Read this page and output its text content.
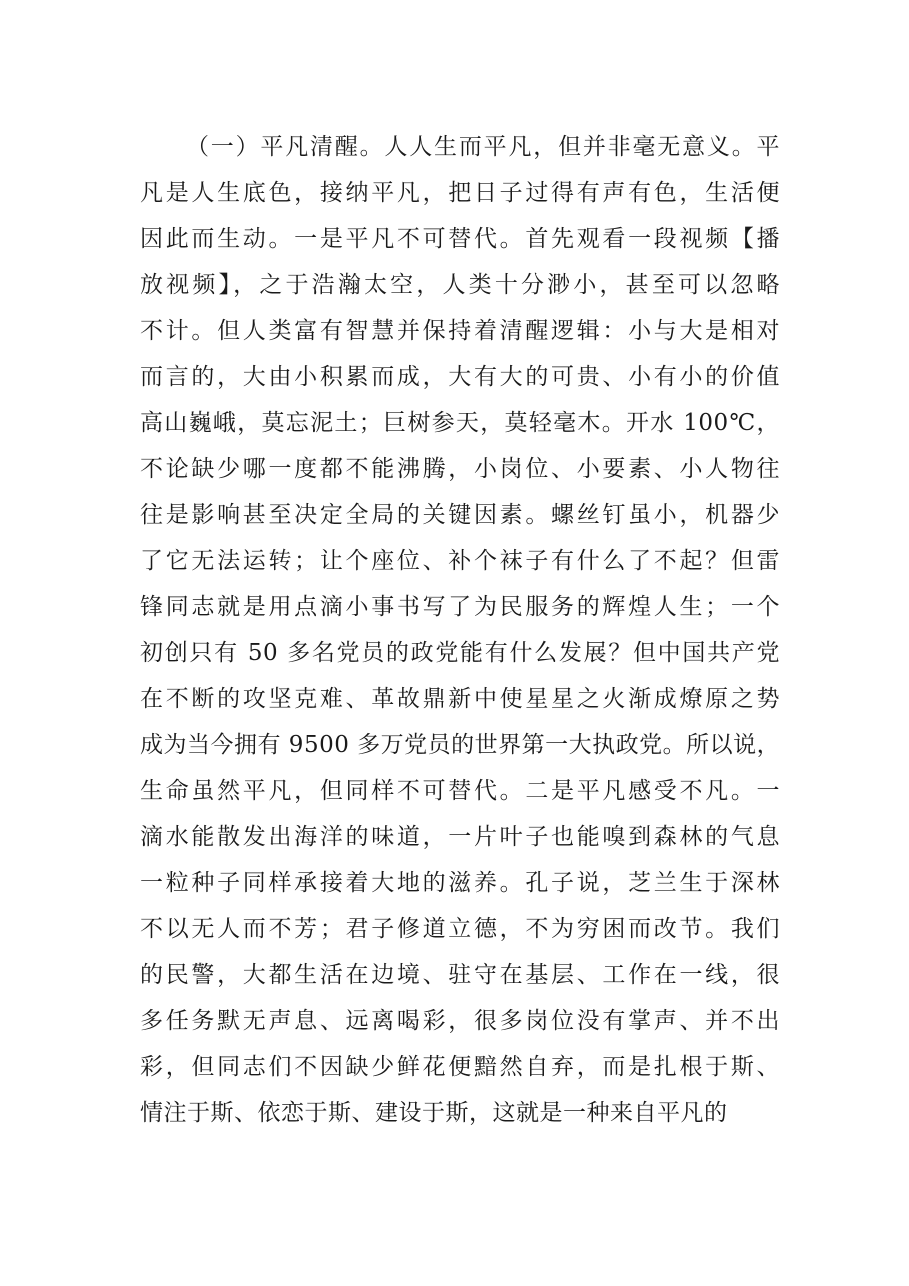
（一）平凡清醒。人人生而平凡，但并非毫无意义。平
凡是人生底色，接纳平凡，把日子过得有声有色，生活便
因此而生动。一是平凡不可替代。首先观看一段视频【播
放视频】，之于浩瀚太空，人类十分渺小，甚至可以忽略
不计。但人类富有智慧并保持着清醒逻辑：小与大是相对
而言的，大由小积累而成，大有大的可贵、小有小的价值
高山巍峨，莫忘泥土；巨树参天，莫轻毫木。开水 100℃，
不论缺少哪一度都不能沸腾，小岗位、小要素、小人物往
往是影响甚至决定全局的关键因素。螺丝钉虽小，机器少
了它无法运转；让个座位、补个袜子有什么了不起？但雷
锋同志就是用点滴小事书写了为民服务的辉煌人生；一个
初创只有 50 多名党员的政党能有什么发展？但中国共产党
在不断的攻坚克难、革故鼎新中使星星之火渐成燎原之势
成为当今拥有 9500 多万党员的世界第一大执政党。所以说，
生命虽然平凡，但同样不可替代。二是平凡感受不凡。一
滴水能散发出海洋的味道，一片叶子也能嗅到森林的气息
一粒种子同样承接着大地的滋养。孔子说，芝兰生于深林
不以无人而不芳；君子修道立德，不为穷困而改节。我们
的民警，大都生活在边境、驻守在基层、工作在一线，很
多任务默无声息、远离喝彩，很多岗位没有掌声、并不出
彩，但同志们不因缺少鲜花便黯然自弃，而是扎根于斯、
情注于斯、依恋于斯、建设于斯，这就是一种来自平凡的
